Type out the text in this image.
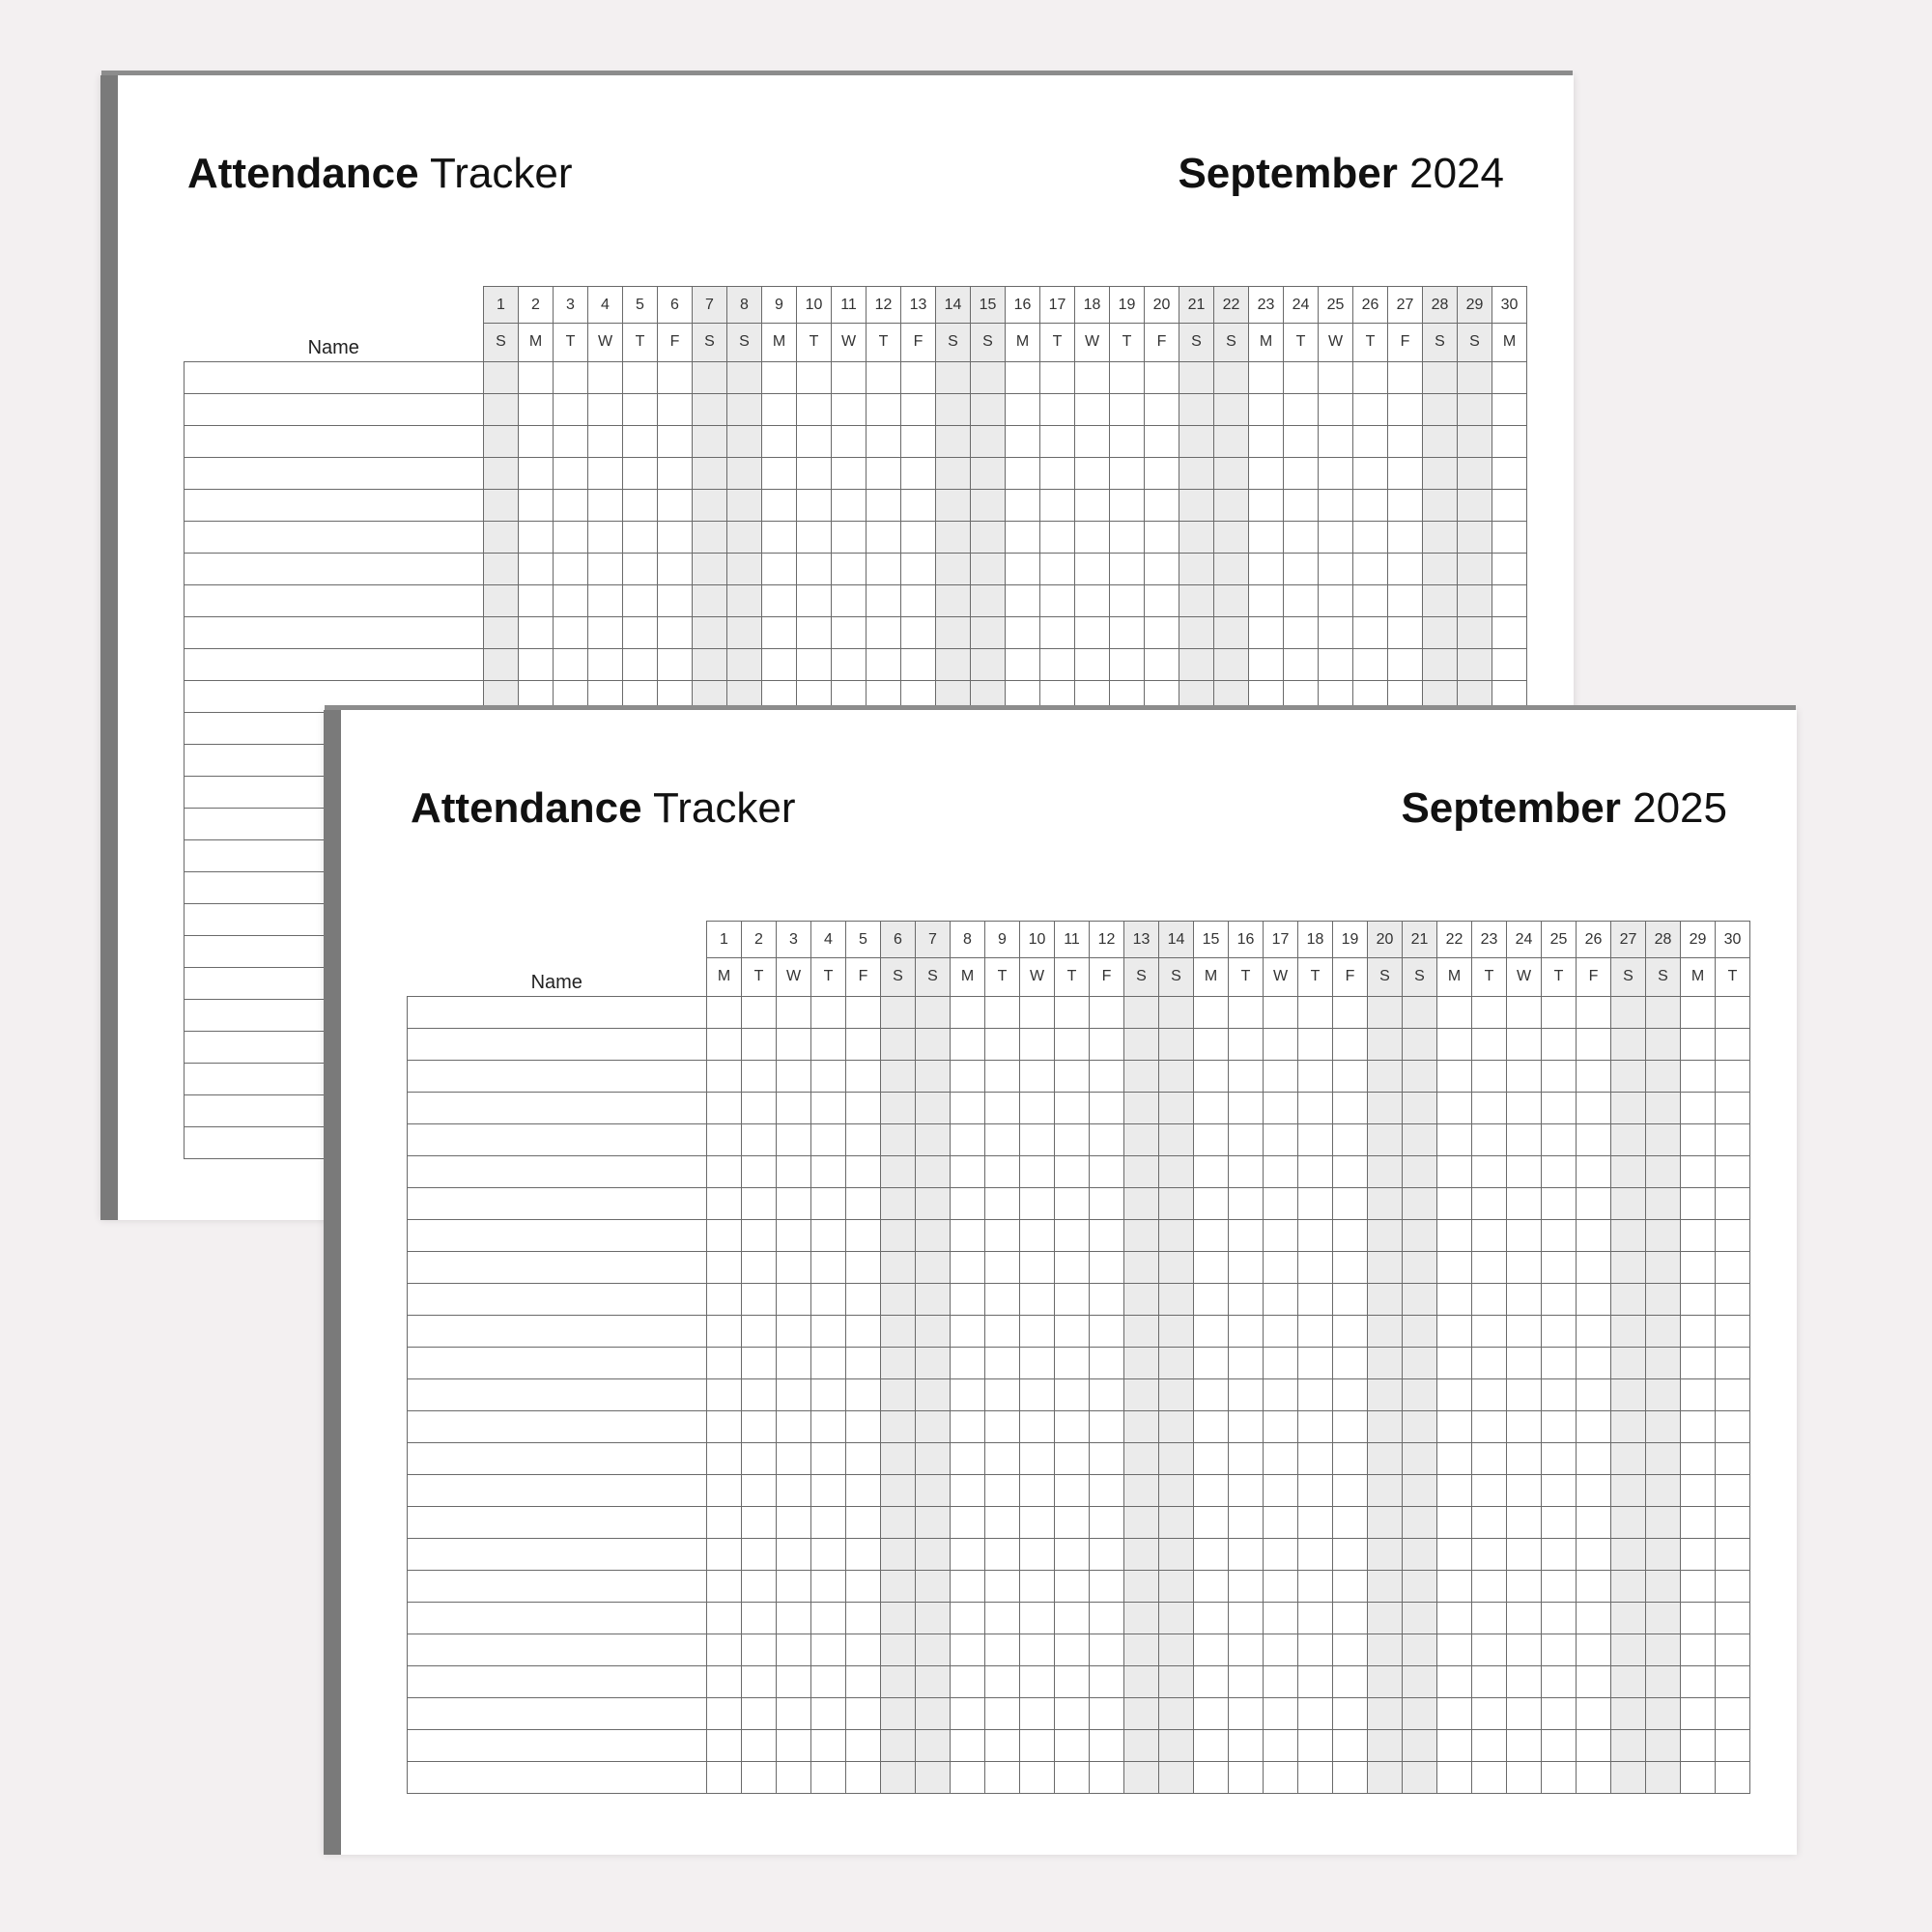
Attendance Tracker	September 2024
	1	2	3	4	5	6	7	8	9	10	11	12	13	14	15	16	17	18	19	20	21	22	23	24	25	26	27	28	29	30
Name	S	M	T	W	T	F	S	S	M	T	W	T	F	S	S	M	T	W	T	F	S	S	M	T	W	T	F	S	S	M

Attendance Tracker	September 2025
	1	2	3	4	5	6	7	8	9	10	11	12	13	14	15	16	17	18	19	20	21	22	23	24	25	26	27	28	29	30
Name	M	T	W	T	F	S	S	M	T	W	T	F	S	S	M	T	W	T	F	S	S	M	T	W	T	F	S	S	M	T
